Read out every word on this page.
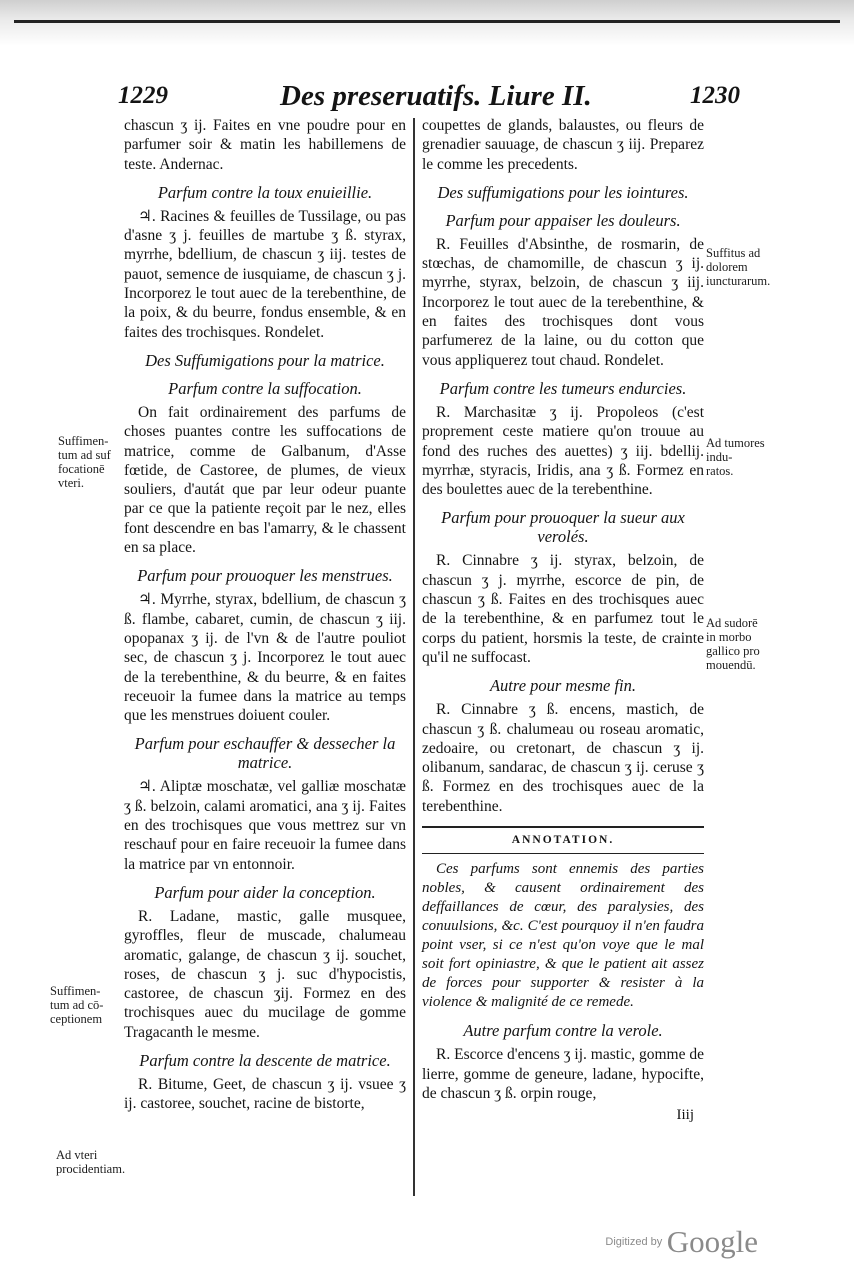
1229	Des preseruatifs. Liure II.	1230

chascun ʒ ij. Faites en vne poudre pour en parfumer soir & matin les habillemens de teste. Andernac.

Parfum contre la toux enuieillie.

♃. Racines & feuilles de Tussilage, ou pas d'asne ʒ j. feuilles de martube ʒ ß. styrax, myrrhe, bdellium, de chascun ʒ iij. testes de pauot, semence de iusquiame, de chascun ʒ j. Incorporez le tout auec de la terebenthine, de la poix, & du beurre, fondus ensemble, & en faites des trochisques. Rondelet.

Des Suffumigations pour la matrice.
Parfum contre la suffocation.

On fait ordinairement des parfums de choses puantes contre les suffocations de matrice, comme de Galbanum, d'Asse fœtide, de Castoree, de plumes, de vieux souliers, d'autát que par leur odeur puante par ce que la patiente reçoit par le nez, elles font descendre en bas l'amarry, & le chassent en sa place.

Parfum pour prouoquer les menstrues.

♃. Myrrhe, styrax, bdellium, de chascun ʒ ß. flambe, cabaret, cumin, de chascun ʒ iij. opopanax ʒ ij. de l'vn & de l'autre pouliot sec, de chascun ʒ j. Incorporez le tout auec de la terebenthine, & du beurre, & en faites receuoir la fumee dans la matrice au temps que les menstrues doiuent couler.

Parfum pour eschauffer & dessecher la matrice.

♃. Aliptæ moschatæ, vel galliæ moschatæ ʒ ß. belzoin, calami aromatici, ana ʒ ij. Faites en des trochisques que vous mettrez sur vn reschauf pour en faire receuoir la fumee dans la matrice par vn entonnoir.

Parfum pour aider la conception.

R. Ladane, mastic, galle musquee, gyroffles, fleur de muscade, chalumeau aromatic, galange, de chascun ʒ ij. souchet, roses, de chascun ʒ j. suc d'hypocistis, castoree, de chascun ʒij. Formez en des trochisques auec du mucilage de gomme Tragacanth le mesme.

Parfum contre la descente de matrice.

R. Bitume, Geet, de chascun ʒ ij. vsuee ʒ ij. castoree, souchet, racine de bistorte,

coupettes de glands, balaustes, ou fleurs de grenadier sauuage, de chascun ʒ iij. Preparez le comme les precedents.

Des suffumigations pour les iointures.
Parfum pour appaiser les douleurs.

R. Feuilles d'Absinthe, de rosmarin, de stœchas, de chamomille, de chascun ʒ ij. myrrhe, styrax, belzoin, de chascun ʒ iij. Incorporez le tout auec de la terebenthine, & en faites des trochisques dont vous parfumerez de la laine, ou du cotton que vous appliquerez tout chaud. Rondelet.

Parfum contre les tumeurs endurcies.

R. Marchasitæ ʒ ij. Propoleos (c'est proprement ceste matiere qu'on trouue au fond des ruches des auettes) ʒ iij. bdellij. myrrhæ, styracis, Iridis, ana ʒ ß. Formez en des boulettes auec de la terebenthine.

Parfum pour prouoquer la sueur aux verolés.

R. Cinnabre ʒ ij. styrax, belzoin, de chascun ʒ j. myrrhe, escorce de pin, de chascun ʒ ß. Faites en des trochisques auec de la terebenthine, & en parfumez tout le corps du patient, horsmis la teste, de crainte qu'il ne suffocast.

Autre pour mesme fin.

R. Cinnabre ʒ ß. encens, mastich, de chascun ʒ ß. chalumeau ou roseau aromatic, zedoaire, ou cretonart, de chascun ʒ ij. olibanum, sandarac, de chascun ʒ ij. ceruse ʒ ß. Formez en des trochisques auec de la terebenthine.

ANNOTATION.

Ces parfums sont ennemis des parties nobles, & causent ordinairement des deffaillances de cœur, des paralysies, des conuulsions, &c. C'est pourquoy il n'en faudra point vser, si ce n'est qu'on voye que le mal soit fort opiniastre, & que le patient ait assez de forces pour supporter & resister à la violence & malignité de ce remede.

Autre parfum contre la verole.

R. Escorce d'encens ʒ ij. mastic, gomme de lierre, gomme de geneure, ladane, hypocifte, de chascun ʒ ß. orpin rouge,

Iiij
Suffimen-
tum ad suf
focationē
vteri.
Suffimen-
tum ad cō-
ceptionem
Ad vteri
procidentiam.
Suffitus ad
dolorem
iuncturarum.
Ad tumores indu-
ratos.
Ad sudorē
in morbo
gallico pro
mouendū.
Digitized by Google
